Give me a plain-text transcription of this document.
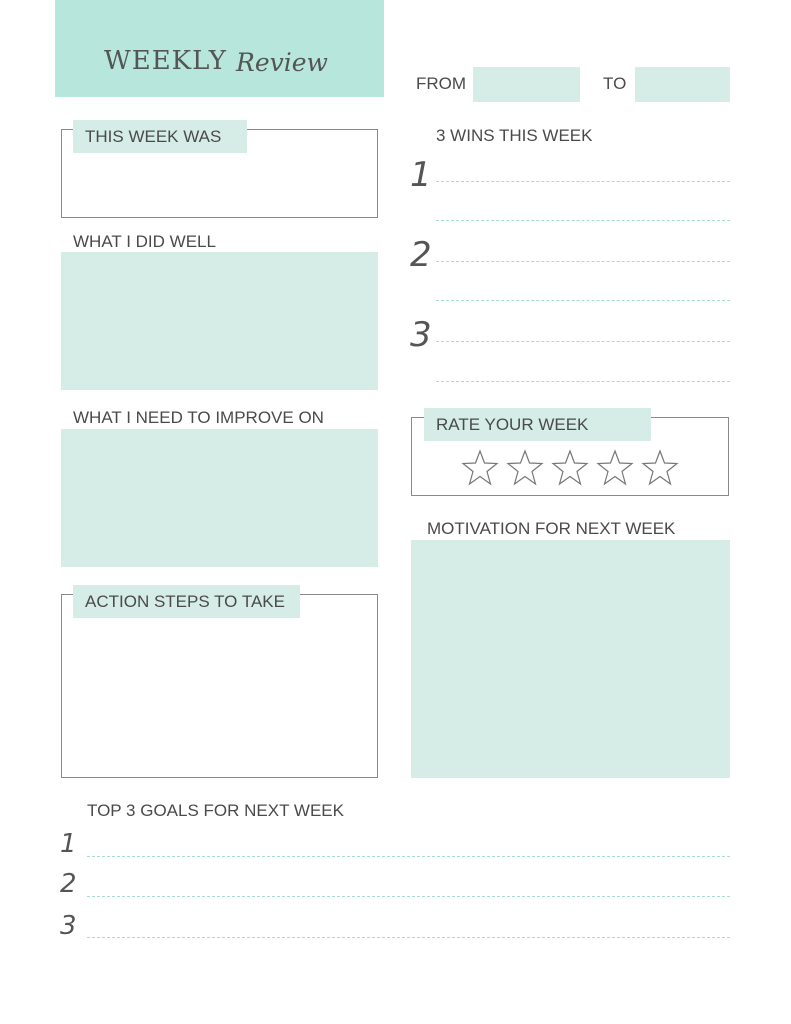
WEEKLY Review
FROM	TO
THIS WEEK WAS
WHAT I DID WELL
WHAT I NEED TO IMPROVE ON
ACTION STEPS TO TAKE
3 WINS THIS WEEK
1
2
3
RATE YOUR WEEK
MOTIVATION FOR NEXT WEEK
TOP 3 GOALS FOR NEXT WEEK
1
2
3
